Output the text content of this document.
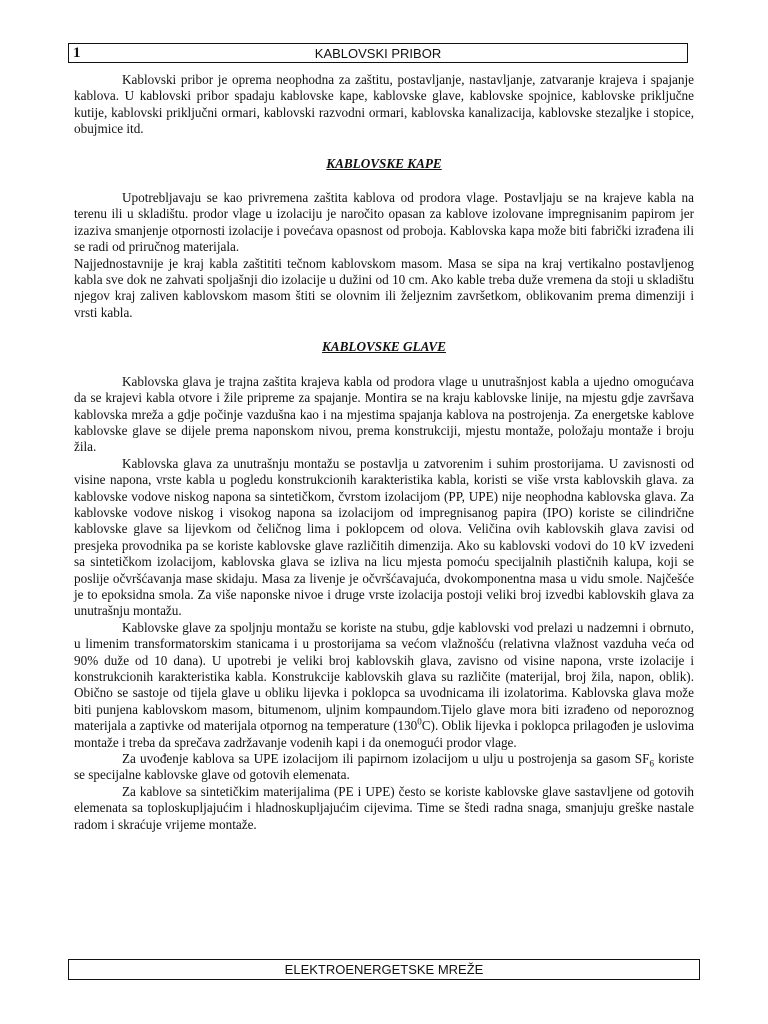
1	KABLOVSKI PRIBOR

Kablovski pribor je oprema neophodna za zaštitu, postavljanje, nastavljanje, zatvaranje krajeva i spajanje kablova. U kablovski pribor spadaju kablovske kape, kablovske glave, kablovske spojnice, kablovske priključne kutije, kablovski priključni ormari, kablovski razvodni ormari, kablovska kanalizacija, kablovske stezaljke i stopice, obujmice itd.

KABLOVSKE KAPE

Upotrebljavaju se kao privremena zaštita kablova od prodora vlage. Postavljaju se na krajeve kabla na terenu ili u skladištu. prodor vlage u izolaciju je naročito opasan za kablove izolovane impregnisanim papirom jer izaziva smanjenje otpornosti izolacije i povećava opasnost od proboja. Kablovska kapa može biti fabrički izrađena ili se radi od priručnog materijala.

Najjednostavnije je kraj kabla zaštititi tečnom kablovskom masom. Masa se sipa na kraj vertikalno postavljenog kabla sve dok ne zahvati spoljašnji dio izolacije u dužini od 10 cm. Ako kable treba duže vremena da stoji u skladištu njegov kraj zaliven kablovskom masom štiti se olovnim ili željeznim završetkom, oblikovanim prema dimenziji i vrsti kabla.

KABLOVSKE GLAVE

Kablovska glava je trajna zaštita krajeva kabla od prodora vlage u unutrašnjost kabla a ujedno omogućava da se krajevi kabla otvore i žile pripreme za spajanje. Montira se na kraju kablovske linije, na mjestu gdje završava kablovska mreža a gdje počinje vazdušna kao i na mjestima spajanja kablova na postrojenja. Za energetske kablove kablovske glave se dijele prema naponskom nivou, prema konstrukciji, mjestu montaže, položaju montaže i broju žila.

Kablovska glava za unutrašnju montažu se postavlja u zatvorenim i suhim prostorijama. U zavisnosti od visine napona, vrste kabla u pogledu konstrukcionih karakteristika kabla, koristi se više vrsta kablovskih glava. za kablovske vodove niskog napona sa sintetičkom, čvrstom izolacijom (PP, UPE) nije neophodna kablovska glava. Za kablovske vodove niskog i visokog napona sa izolacijom od impregnisanog papira (IPO) koriste se cilindrične kablovske glave sa lijevkom od čeličnog lima i poklopcem od olova. Veličina ovih kablovskih glava zavisi od presjeka provodnika pa se koriste kablovske glave različitih dimenzija. Ako su kablovski vodovi do 10 kV izvedeni sa sintetičkom izolacijom, kablovska glava se izliva na licu mjesta pomoću specijalnih plastičnih kalupa, koji se poslije očvršćavanja mase skidaju. Masa za livenje je očvršćavajuća, dvokomponentna masa u vidu smole. Najčešće je to epoksidna smola. Za više naponske nivoe i druge vrste izolacija postoji veliki broj izvedbi kablovskih glava za unutrašnju montažu.

Kablovske glave za spoljnju montažu se koriste na stubu, gdje kablovski vod prelazi u nadzemni i obrnuto, u limenim transformatorskim stanicama i u prostorijama sa većom vlažnošću (relativna vlažnost vazduha veća od 90% duže od 10 dana). U upotrebi je veliki broj kablovskih glava, zavisno od visine napona, vrste izolacije i konstrukcionih karakteristika kabla. Konstrukcije kablovskih glava su različite (materijal, broj žila, napon, oblik). Obično se sastoje od tijela glave u obliku lijevka i poklopca sa uvodnicama ili izolatorima. Kablovska glava može biti punjena kablovskom masom, bitumenom, uljnim kompaundom.Tijelo glave mora biti izrađeno od neporoznog materijala a zaptivke od materijala otpornog na temperature $(130^0C)$. Oblik lijevka i poklopca prilagođen je uslovima montaže i treba da sprečava zadržavanje vodenih kapi i da onemogući prodor vlage.

Za uvođenje kablova sa UPE izolacijom ili papirnom izolacijom u ulju u postrojenja sa gasom $SF_6$ koriste se specijalne kablovske glave od gotovih elemenata.

Za kablove sa sintetičkim materijalima (PE i UPE) često se koriste kablovske glave sastavljene od gotovih elemenata sa toploskupljajućim i hladnoskupljajućim cijevima. Time se štedi radna snaga, smanjuju greške nastale radom i skraćuje vrijeme montaže.

ELEKTROENERGETSKE MREŽE
